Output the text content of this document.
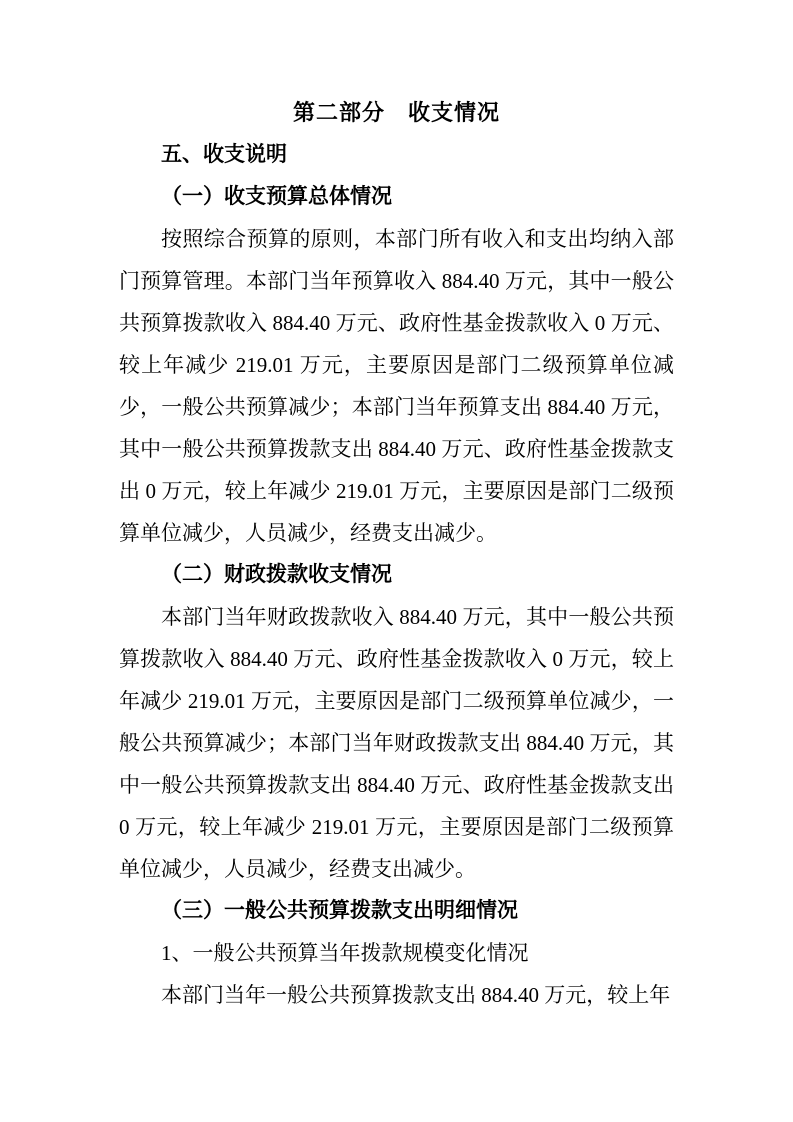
第二部分　收支情况
五、收支说明
（一）收支预算总体情况

按照综合预算的原则，本部门所有收入和支出均纳入部门预算管理。本部门当年预算收入 884.40 万元，其中一般公共预算拨款收入 884.40 万元、政府性基金拨款收入 0 万元、较上年减少 219.01 万元，主要原因是部门二级预算单位减少，一般公共预算减少；本部门当年预算支出 884.40 万元，其中一般公共预算拨款支出 884.40 万元、政府性基金拨款支出 0 万元，较上年减少 219.01 万元，主要原因是部门二级预算单位减少，人员减少，经费支出减少。

（二）财政拨款收支情况

本部门当年财政拨款收入 884.40 万元，其中一般公共预算拨款收入 884.40 万元、政府性基金拨款收入 0 万元，较上年减少 219.01 万元，主要原因是部门二级预算单位减少，一般公共预算减少；本部门当年财政拨款支出 884.40 万元，其中一般公共预算拨款支出 884.40 万元、政府性基金拨款支出 0 万元，较上年减少 219.01 万元，主要原因是部门二级预算单位减少，人员减少，经费支出减少。

（三）一般公共预算拨款支出明细情况

1、一般公共预算当年拨款规模变化情况

本部门当年一般公共预算拨款支出 884.40 万元，较上年
